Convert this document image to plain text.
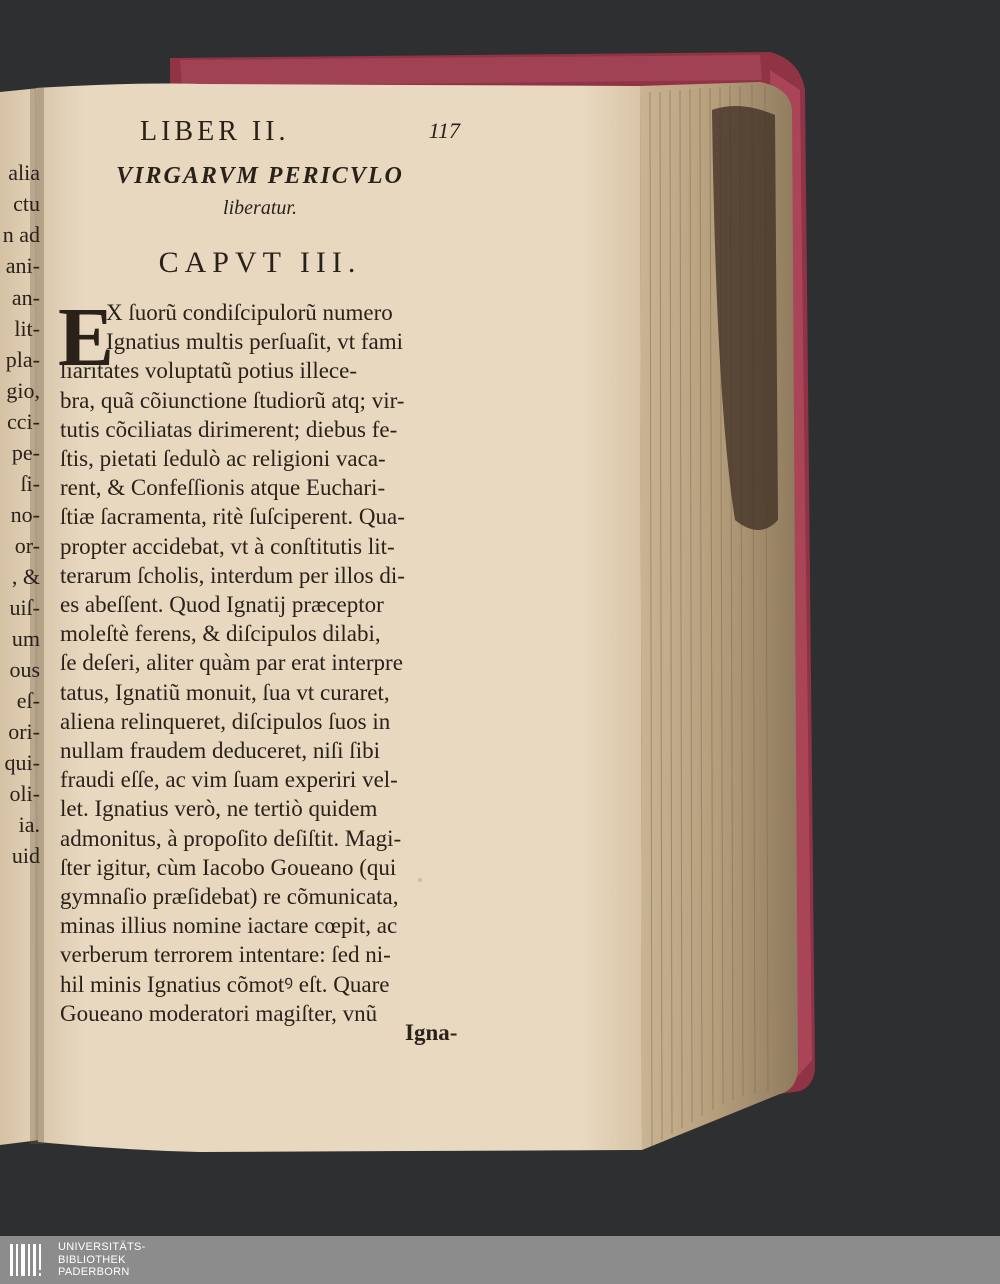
alia
ctu
n ad
ani-
an-
lit-
pla-
gio,
cci-
pe-
ſi-
no-
or-
, &
uiſ-
um
ous
eſ-
ori-
qui-
oli-
ia.
uid
LIBER II.	117
VIRGARVM PERICVLO
liberatur.
CAPVT III.
E
X ſuorũ condiſcipulorũ numero
Ignatius multis perſuaſit, vt fami
liaritates voluptatũ potius illece-
bra, quã cõiunctione ſtudiorũ atq; vir-
tutis cõciliatas dirimerent; diebus fe-
ſtis, pietati ſedulò ac religioni vaca-
rent, & Confeſſionis atque Euchari-
ſtiæ ſacramenta, ritè ſuſciperent. Qua-
propter accidebat, vt à conſtitutis lit-
terarum ſcholis, interdum per illos di-
es abeſſent. Quod Ignatij præceptor
moleſtè ferens, & diſcipulos dilabi,
ſe deſeri, aliter quàm par erat interpre
tatus, Ignatiũ monuit, ſua vt curaret,
aliena relinqueret, diſcipulos ſuos in
nullam fraudem deduceret, niſi ſibi
fraudi eſſe, ac vim ſuam experiri vel-
let. Ignatius verò, ne tertiò quidem
admonitus, à propoſito deſiſtit. Magi-
ſter igitur, cùm Iacobo Goueano (qui
gymnaſio præſidebat) re cõmunicata,
minas illius nomine iactare cœpit, ac
verberum terrorem intentare: ſed ni-
hil minis Ignatius cõmotꝰ eſt. Quare
Goueano moderatori magiſter, vnũ
Igna-
UNIVERSITÄTS-
BIBLIOTHEK
PADERBORN
